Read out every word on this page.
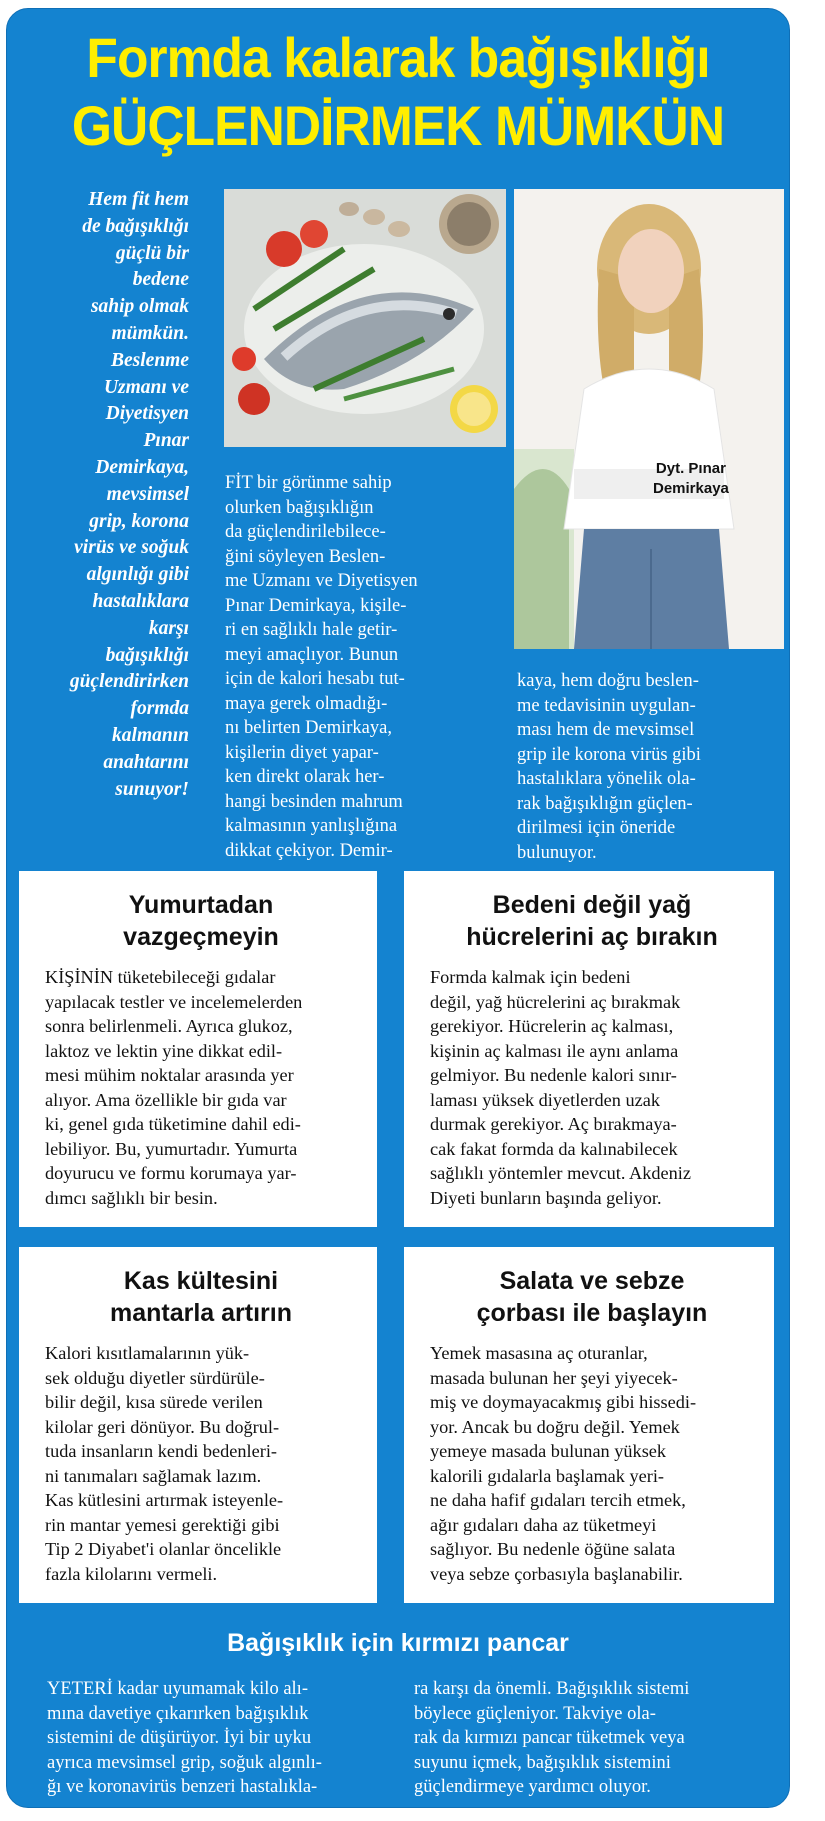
Formda kalarak bağışıklığı
GÜÇLENDİRMEK MÜMKÜN
Hem fit hem
de bağışıklığı
güçlü bir
bedene
sahip olmak
mümkün.
Beslenme
Uzmanı ve
Diyetisyen
Pınar
Demirkaya,
mevsimsel
grip, korona
virüs ve soğuk
algınlığı gibi
hastalıklara
karşı
bağışıklığı
güçlendirirken
formda
kalmanın
anahtarını
sunuyor!
Dyt. Pınar
Demirkaya
FİT bir görünme sahip
olurken bağışıklığın
da güçlendirilebilece-
ğini söyleyen Beslen-
me Uzmanı ve Diyetisyen
Pınar Demirkaya, kişile-
ri en sağlıklı hale getir-
meyi amaçlıyor. Bunun
için de kalori hesabı tut-
maya gerek olmadığı-
nı belirten Demirkaya,
kişilerin diyet yapar-
ken direkt olarak her-
hangi besinden mahrum
kalmasının yanlışlığına
dikkat çekiyor. Demir-
kaya, hem doğru beslen-
me tedavisinin uygulan-
ması hem de mevsimsel
grip ile korona virüs gibi
hastalıklara yönelik ola-
rak bağışıklığın güçlen-
dirilmesi için öneride
bulunuyor.
Yumurtadan
vazgeçmeyin
KİŞİNİN tüketebileceği gıdalar
yapılacak testler ve incelemelerden
sonra belirlenmeli. Ayrıca glukoz,
laktoz ve lektin yine dikkat edil-
mesi mühim noktalar arasında yer
alıyor. Ama özellikle bir gıda var
ki, genel gıda tüketimine dahil edi-
lebiliyor. Bu, yumurtadır. Yumurta
doyurucu ve formu korumaya yar-
dımcı sağlıklı bir besin.
Bedeni değil yağ
hücrelerini aç bırakın
Formda kalmak için bedeni
değil, yağ hücrelerini aç bırakmak
gerekiyor. Hücrelerin aç kalması,
kişinin aç kalması ile aynı anlama
gelmiyor. Bu nedenle kalori sınır-
laması yüksek diyetlerden uzak
durmak gerekiyor. Aç bırakmaya-
cak fakat formda da kalınabilecek
sağlıklı yöntemler mevcut. Akdeniz
Diyeti bunların başında geliyor.
Kas kültesini
mantarla artırın
Kalori kısıtlamalarının yük-
sek olduğu diyetler sürdürüle-
bilir değil, kısa sürede verilen
kilolar geri dönüyor. Bu doğrul-
tuda insanların kendi bedenleri-
ni tanımaları sağlamak lazım.
Kas kütlesini artırmak isteyenle-
rin mantar yemesi gerektiği gibi
Tip 2 Diyabet'i olanlar öncelikle
fazla kilolarını vermeli.
Salata ve sebze
çorbası ile başlayın
Yemek masasına aç oturanlar,
masada bulunan her şeyi yiyecek-
miş ve doymayacakmış gibi hissedi-
yor. Ancak bu doğru değil. Yemek
yemeye masada bulunan yüksek
kalorili gıdalarla başlamak yeri-
ne daha hafif gıdaları tercih etmek,
ağır gıdaları daha az tüketmeyi
sağlıyor. Bu nedenle öğüne salata
veya sebze çorbasıyla başlanabilir.
Bağışıklık için kırmızı pancar
YETERİ kadar uyumamak kilo alı-
mına davetiye çıkarırken bağışıklık
sistemini de düşürüyor. İyi bir uyku
ayrıca mevsimsel grip, soğuk algınlı-
ğı ve koronavirüs benzeri hastalıkla-
ra karşı da önemli. Bağışıklık sistemi
böylece güçleniyor. Takviye ola-
rak da kırmızı pancar tüketmek veya
suyunu içmek, bağışıklık sistemini
güçlendirmeye yardımcı oluyor.
